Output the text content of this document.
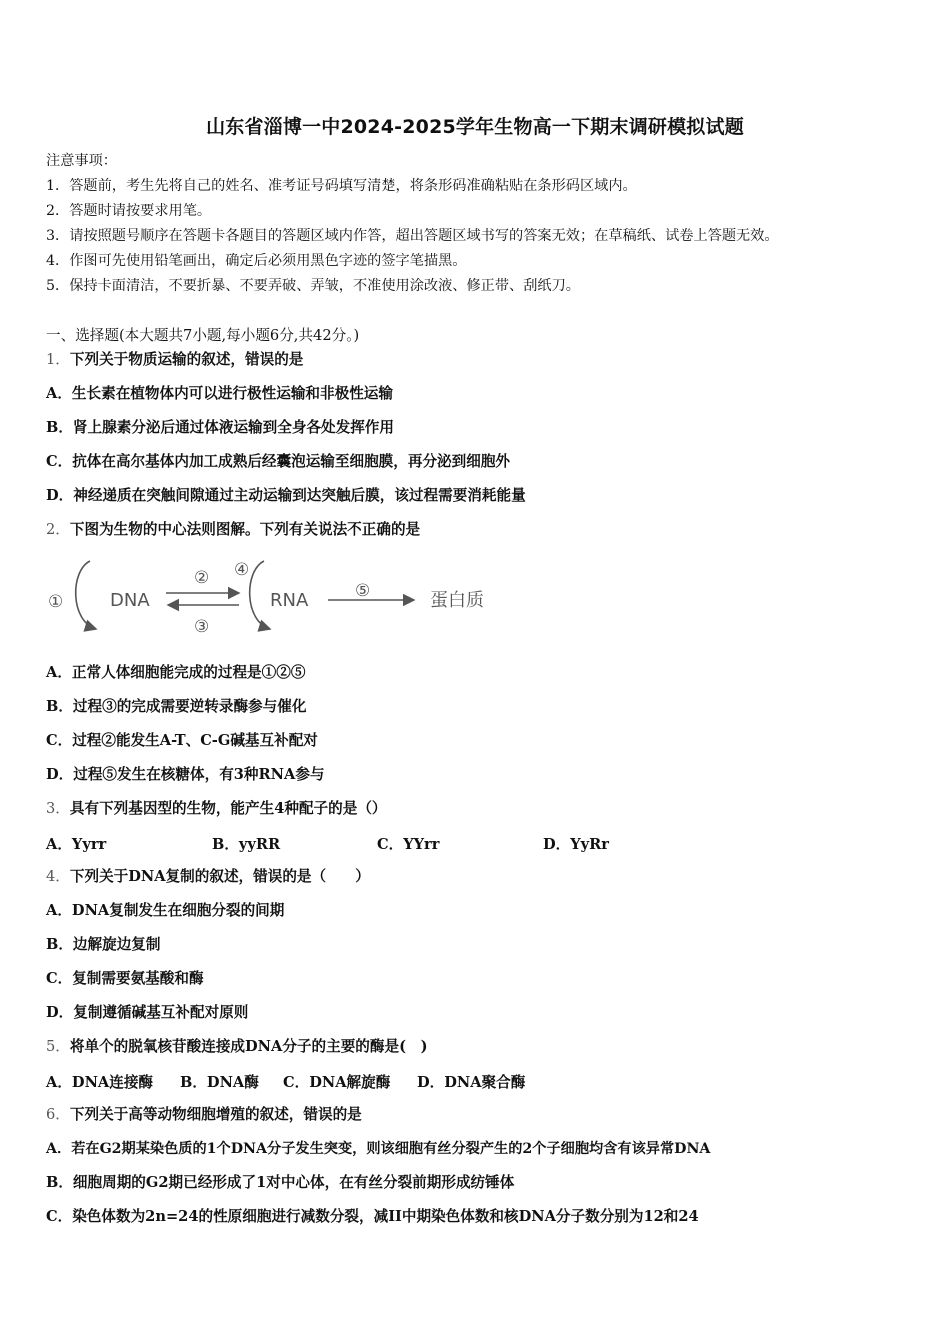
山东省淄博一中2024-2025学年生物高一下期末调研模拟试题
注意事项：
1．答题前，考生先将自己的姓名、准考证号码填写清楚，将条形码准确粘贴在条形码区域内。
2．答题时请按要求用笔。
3．请按照题号顺序在答题卡各题目的答题区域内作答，超出答题区域书写的答案无效；在草稿纸、试卷上答题无效。
4．作图可先使用铅笔画出，确定后必须用黑色字迹的签字笔描黑。
5．保持卡面清洁，不要折暴、不要弄破、弄皱，不准使用涂改液、修正带、刮纸刀。
一、选择题(本大题共7小题,每小题6分,共42分。)
1．下列关于物质运输的叙述，错误的是
A．生长素在植物体内可以进行极性运输和非极性运输
B．肾上腺素分泌后通过体液运输到全身各处发挥作用
C．抗体在高尔基体内加工成熟后经囊泡运输至细胞膜，再分泌到细胞外
D．神经递质在突触间隙通过主动运输到达突触后膜，该过程需要消耗能量
2．下图为生物的中心法则图解。下列有关说法不正确的是
①	DNA
②
③
④
RNA	⑤	蛋白质
A．正常人体细胞能完成的过程是①②⑤
B．过程③的完成需要逆转录酶参与催化
C．过程②能发生A-T、C-G碱基互补配对
D．过程⑤发生在核糖体，有3种RNA参与
3．具有下列基因型的生物，能产生4种配子的是（）
A．Yyrr	B．yyRR	C．YYrr	D．YyRr
4．下列关于DNA复制的叙述，错误的是（　　）
A．DNA复制发生在细胞分裂的间期
B．边解旋边复制
C．复制需要氨基酸和酶
D．复制遵循碱基互补配对原则
5．将单个的脱氧核苷酸连接成DNA分子的主要的酶是(　)
A．DNA连接酶 B．DNA酶 C．DNA解旋酶 D．DNA聚合酶
6．下列关于高等动物细胞增殖的叙述，错误的是
A．若在G2期某染色质的1个DNA分子发生突变，则该细胞有丝分裂产生的2个子细胞均含有该异常DNA
B．细胞周期的G2期已经形成了1对中心体，在有丝分裂前期形成纺锤体
C．染色体数为2n=24的性原细胞进行减数分裂，减II中期染色体数和核DNA分子数分别为12和24
